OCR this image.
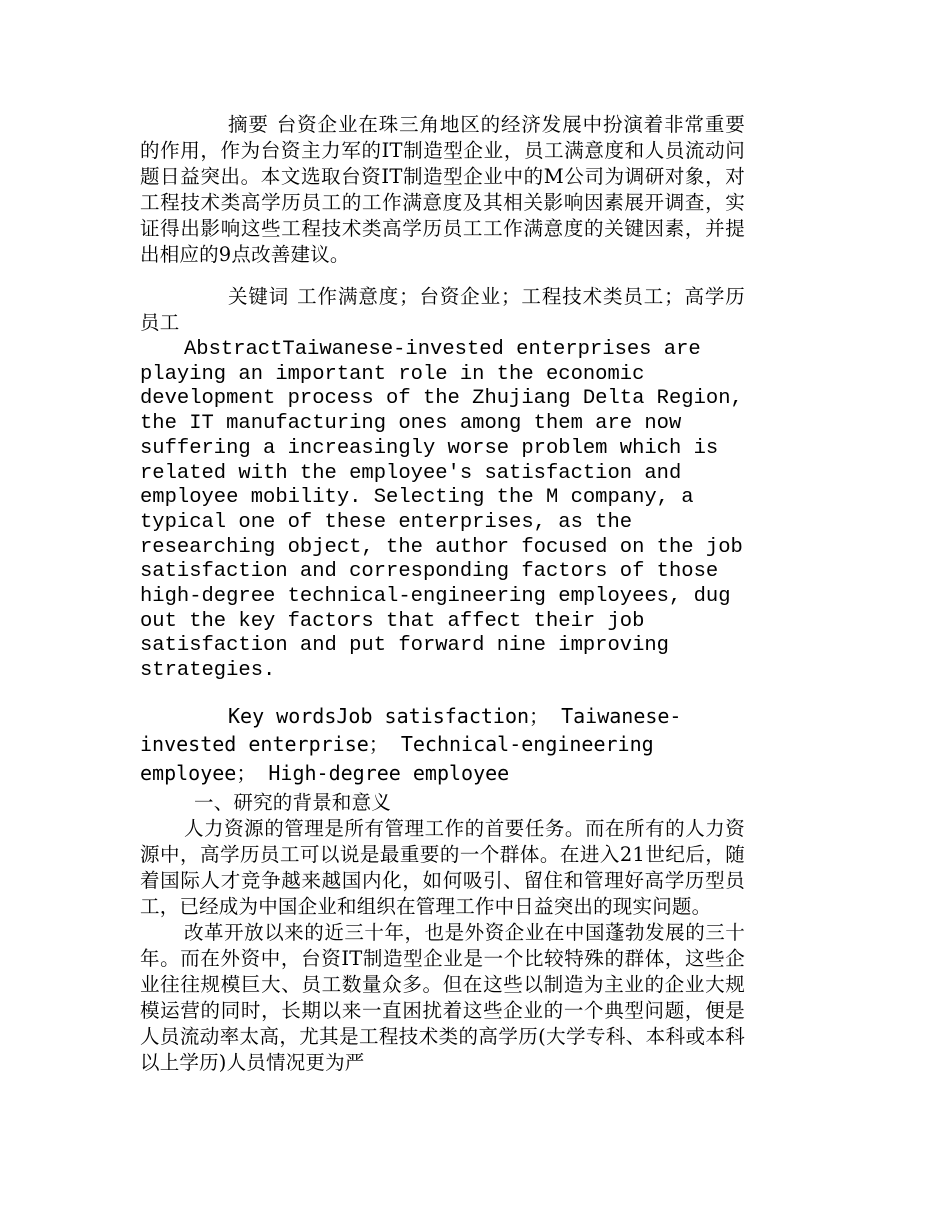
摘要 台资企业在珠三角地区的经济发展中扮演着非常重要的作用，作为台资主力军的IT制造型企业，员工满意度和人员流动问题日益突出。本文选取台资IT制造型企业中的M公司为调研对象，对工程技术类高学历员工的工作满意度及其相关影响因素展开调查，实证得出影响这些工程技术类高学历员工工作满意度的关键因素，并提出相应的9点改善建议。

关键词 工作满意度；台资企业；工程技术类员工；高学历员工

AbstractTaiwanese-invested enterprises are playing an important role in the economic development process of the Zhujiang Delta Region, the IT manufacturing ones among them are now suffering a increasingly worse problem which is related with the employee's satisfaction and employee mobility. Selecting the M company, a typical one of these enterprises, as the researching object, the author focused on the job satisfaction and corresponding factors of those high-degree technical-engineering employees, dug out the key factors that affect their job satisfaction and put forward nine improving strategies.

Key wordsJob satisfaction； Taiwanese-invested enterprise； Technical-engineering employee； High-degree employee

一、研究的背景和意义

人力资源的管理是所有管理工作的首要任务。而在所有的人力资源中，高学历员工可以说是最重要的一个群体。在进入21世纪后，随着国际人才竞争越来越国内化，如何吸引、留住和管理好高学历型员工，已经成为中国企业和组织在管理工作中日益突出的现实问题。

改革开放以来的近三十年，也是外资企业在中国蓬勃发展的三十年。而在外资中，台资IT制造型企业是一个比较特殊的群体，这些企业往往规模巨大、员工数量众多。但在这些以制造为主业的企业大规模运营的同时，长期以来一直困扰着这些企业的一个典型问题，便是人员流动率太高，尤其是工程技术类的高学历(大学专科、本科或本科以上学历)人员情况更为严
